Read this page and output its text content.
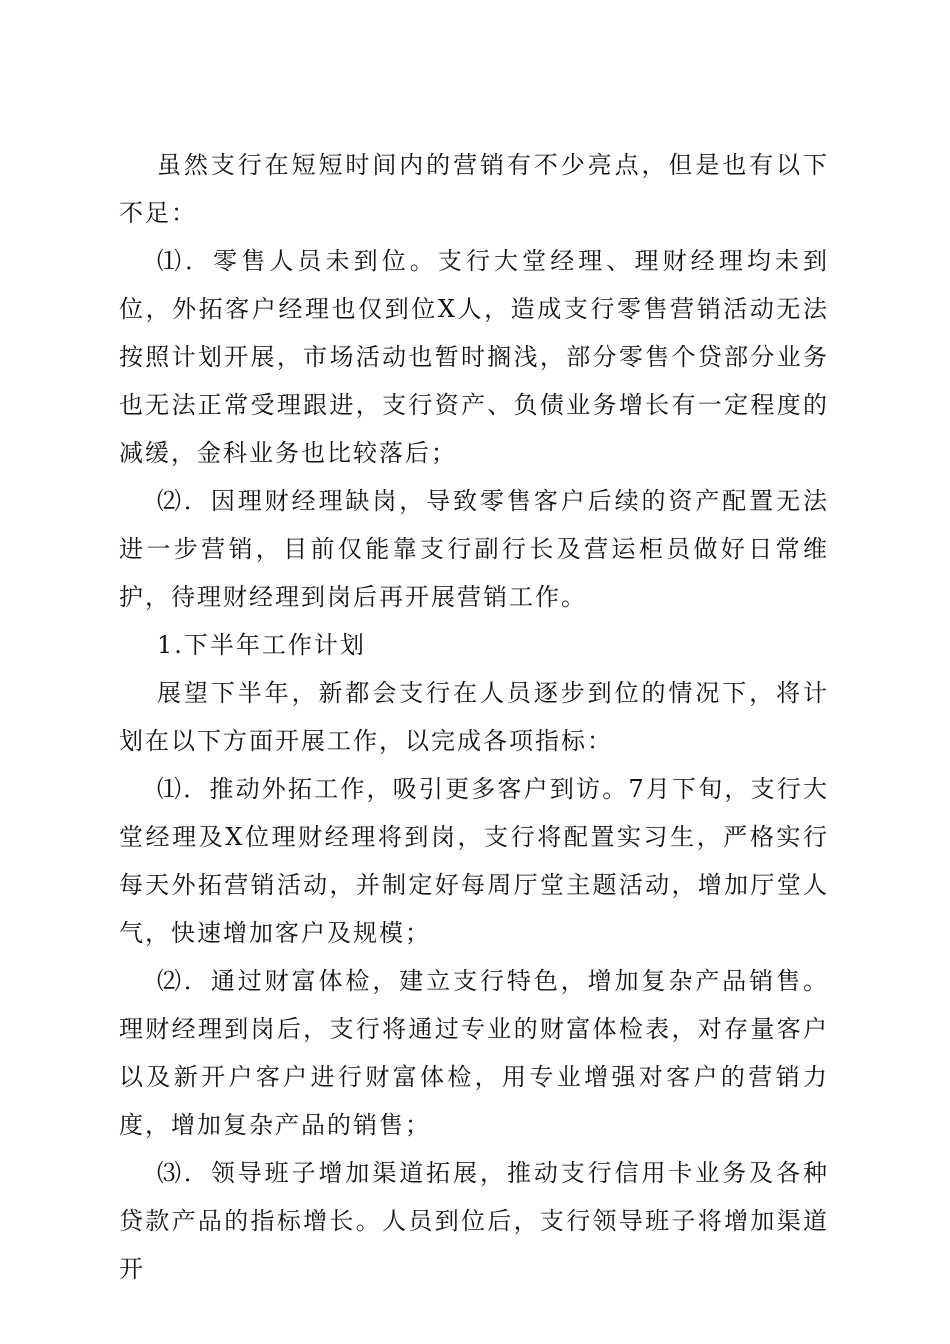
虽然支行在短短时间内的营销有不少亮点，但是也有以下不足：

⑴．零售人员未到位。支行大堂经理、理财经理均未到位，外拓客户经理也仅到位X人，造成支行零售营销活动无法按照计划开展，市场活动也暂时搁浅，部分零售个贷部分业务也无法正常受理跟进，支行资产、负债业务增长有一定程度的减缓，金科业务也比较落后；

⑵．因理财经理缺岗，导致零售客户后续的资产配置无法进一步营销，目前仅能靠支行副行长及营运柜员做好日常维护，待理财经理到岗后再开展营销工作。

1.下半年工作计划

展望下半年，新都会支行在人员逐步到位的情况下，将计划在以下方面开展工作，以完成各项指标：

⑴．推动外拓工作，吸引更多客户到访。7月下旬，支行大堂经理及X位理财经理将到岗，支行将配置实习生，严格实行每天外拓营销活动，并制定好每周厅堂主题活动，增加厅堂人气，快速增加客户及规模；

⑵．通过财富体检，建立支行特色，增加复杂产品销售。理财经理到岗后，支行将通过专业的财富体检表，对存量客户以及新开户客户进行财富体检，用专业增强对客户的营销力度，增加复杂产品的销售；

⑶．领导班子增加渠道拓展，推动支行信用卡业务及各种贷款产品的指标增长。人员到位后，支行领导班子将增加渠道开
